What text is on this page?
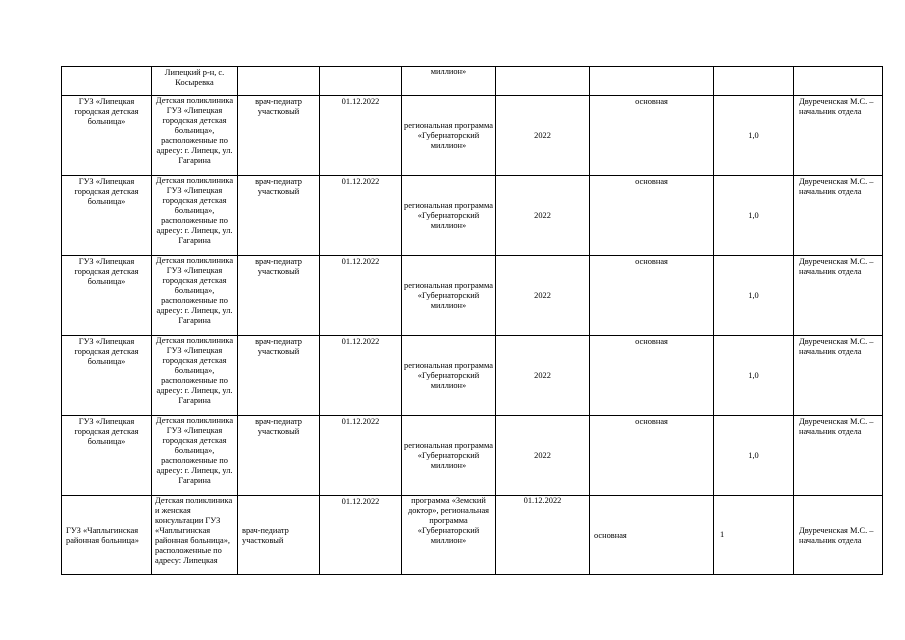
	Липецкий р-н, с. Косыревка			миллион»				

ГУЗ «Липецкая городская детская больница»	Детская поликлиника ГУЗ «Липецкая городская детская больница», расположенные по адресу: г. Липецк, ул. Гагарина	врач-педиатр участковый	01.12.2022	региональная программа «Губернаторский миллион»	2022	основная	1,0	Двуреченская М.С. – начальник отдела
ГУЗ «Липецкая городская детская больница»	Детская поликлиника ГУЗ «Липецкая городская детская больница», расположенные по адресу: г. Липецк, ул. Гагарина	врач-педиатр участковый	01.12.2022	региональная программа «Губернаторский миллион»	2022	основная	1,0	Двуреченская М.С. – начальник отдела
ГУЗ «Липецкая городская детская больница»	Детская поликлиника ГУЗ «Липецкая городская детская больница», расположенные по адресу: г. Липецк, ул. Гагарина	врач-педиатр участковый	01.12.2022	региональная программа «Губернаторский миллион»	2022	основная	1,0	Двуреченская М.С. – начальник отдела
ГУЗ «Липецкая городская детская больница»	Детская поликлиника ГУЗ «Липецкая городская детская больница», расположенные по адресу: г. Липецк, ул. Гагарина	врач-педиатр участковый	01.12.2022	региональная программа «Губернаторский миллион»	2022	основная	1,0	Двуреченская М.С. – начальник отдела
ГУЗ «Липецкая городская детская больница»	Детская поликлиника ГУЗ «Липецкая городская детская больница», расположенные по адресу: г. Липецк, ул. Гагарина	врач-педиатр участковый	01.12.2022	региональная программа «Губернаторский миллион»	2022	основная	1,0	Двуреченская М.С. – начальник отдела
ГУЗ «Чаплыгинская районная больница»	Детская поликлиника и женская консультации ГУЗ «Чаплыгинская районная больница», расположенные по адресу: Липецкая	врач-педиатр участковый	01.12.2022	программа «Земский доктор», региональная программа «Губернаторский миллион»	01.12.2022	основная	1	Двуреченская М.С. – начальник отдела
